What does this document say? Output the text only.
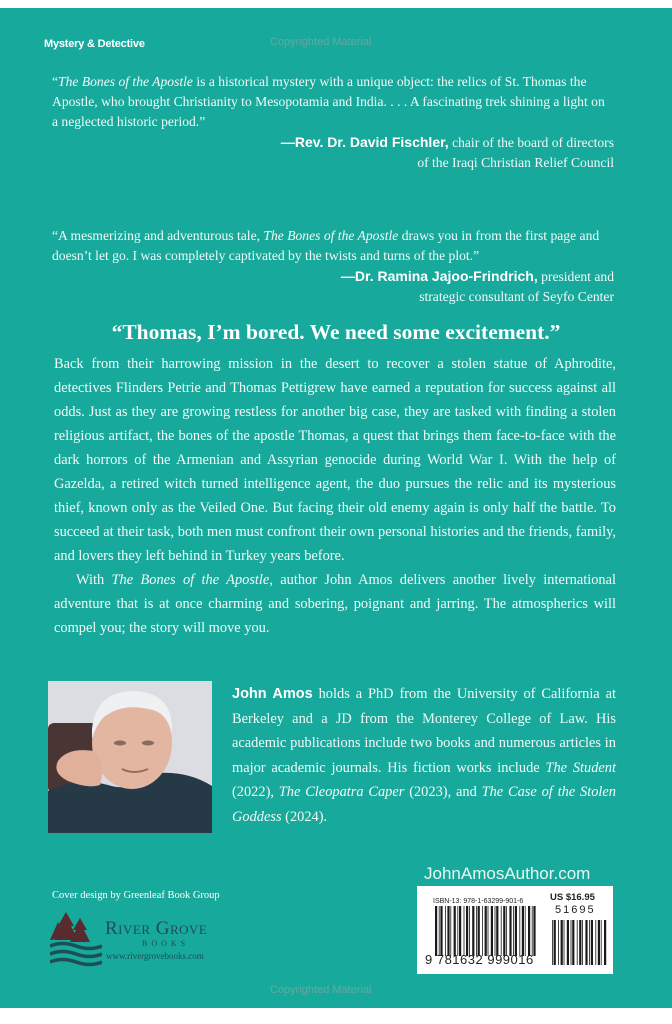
Mystery & Detective	Copyrighted Material
“The Bones of the Apostle is a historical mystery with a unique object: the relics of St. Thomas the Apostle, who brought Christianity to Mesopotamia and India. . . . A fascinating trek shining a light on a neglected historic period.”
—Rev. Dr. David Fischler, chair of the board of directors
of the Iraqi Christian Relief Council
“A mesmerizing and adventurous tale, The Bones of the Apostle draws you in from the first page and doesn’t let go. I was completely captivated by the twists and turns of the plot.”
—Dr. Ramina Jajoo-Frindrich, president and
strategic consultant of Seyfo Center
“Thomas, I’m bored. We need some excitement.”

Back from their harrowing mission in the desert to recover a stolen statue of Aphrodite, detectives Flinders Petrie and Thomas Pettigrew have earned a reputation for success against all odds. Just as they are growing restless for another big case, they are tasked with finding a stolen religious artifact, the bones of the apostle Thomas, a quest that brings them face-to-face with the dark horrors of the Armenian and Assyrian genocide during World War I. With the help of Gazelda, a retired witch turned intelligence agent, the duo pursues the relic and its mysterious thief, known only as the Veiled One. But facing their old enemy again is only half the battle. To succeed at their task, both men must confront their own personal histories and the friends, family, and lovers they left behind in Turkey years before.

With The Bones of the Apostle, author John Amos delivers another lively international adventure that is at once charming and sobering, poignant and jarring. The atmospherics will compel you; the story will move you.

John Amos holds a PhD from the University of California at Berkeley and a JD from the Monterey College of Law. His academic publications include two books and numerous articles in major academic journals. His fiction works include The Student (2022), The Cleopatra Caper (2023), and The Case of the Stolen Goddess (2024).
Cover design by Greenleaf Book Group
River Grove
BOOKS
www.rivergrovebooks.com
JohnAmosAuthor.com
ISBN-13: 978-1-63299-901-6	US $16.95
51695
9 781632 999016
Copyrighted Material
